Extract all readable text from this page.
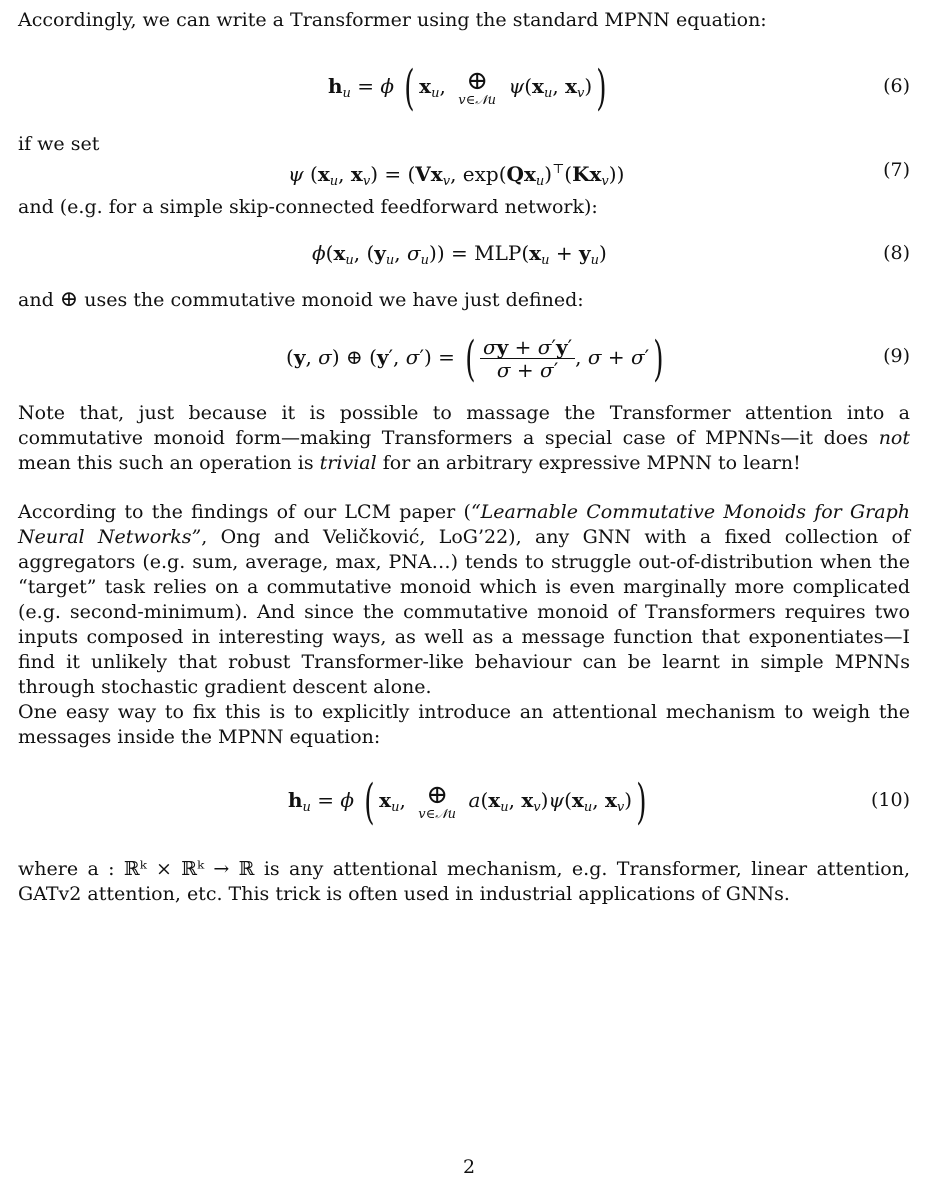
Accordingly, we can write a Transformer using the standard MPNN equation:

$h_u = \phi$ ( $x_u$, ⊕
v∈𝒩u
$\psi(x_u$, $x_v$))	(6)

if we set

ψ ($x_u$, $x_v) = (Vx_v$, $\exp(Qx_u)^⊤(Kx_v)$)	(7)

and (e.g. for a simple skip-connected feedforward network):

$\phi(x_u$, ($y_u$, $\sigma_u)) = MLP(x_u + y_u)$	(8)

and ⊕ uses the commutative monoid we have just defined:

(y, σ) ⊕ (y′, σ′) = ( $\frac{\sigma y + \sigma'y'}{\sigma + \sigma'}$ , σ + σ′)	(9)

Note that, just because it is possible to massage the Transformer attention into a commutative monoid form—making Transformers a special case of MPNNs—it does not mean this such an operation is trivial for an arbitrary expressive MPNN to learn!

According to the findings of our LCM paper (“Learnable Commutative Monoids for Graph Neural Networks”, Ong and Veličković, LoG’22), any GNN with a fixed collection of aggregators (e.g. sum, average, max, PNA…) tends to struggle out-of-distribution when the “target” task relies on a commutative monoid which is even marginally more complicated (e.g. second-minimum). And since the commutative monoid of Transformers requires two inputs composed in interesting ways, as well as a message function that exponentiates—I find it unlikely that robust Transformer-like behaviour can be learnt in simple MPNNs through stochastic gradient descent alone.

One easy way to fix this is to explicitly introduce an attentional mechanism to weigh the messages inside the MPNN equation:

$h_u = \phi$ ( $x_u$, ⊕
v∈𝒩u
$a(x_u$, $x_v)\psi(x_u$, $x_v$))	(10)

where a : ℝᵏ × ℝᵏ → ℝ is any attentional mechanism, e.g. Transformer, linear attention, GATv2 attention, etc. This trick is often used in industrial applications of GNNs.

2
